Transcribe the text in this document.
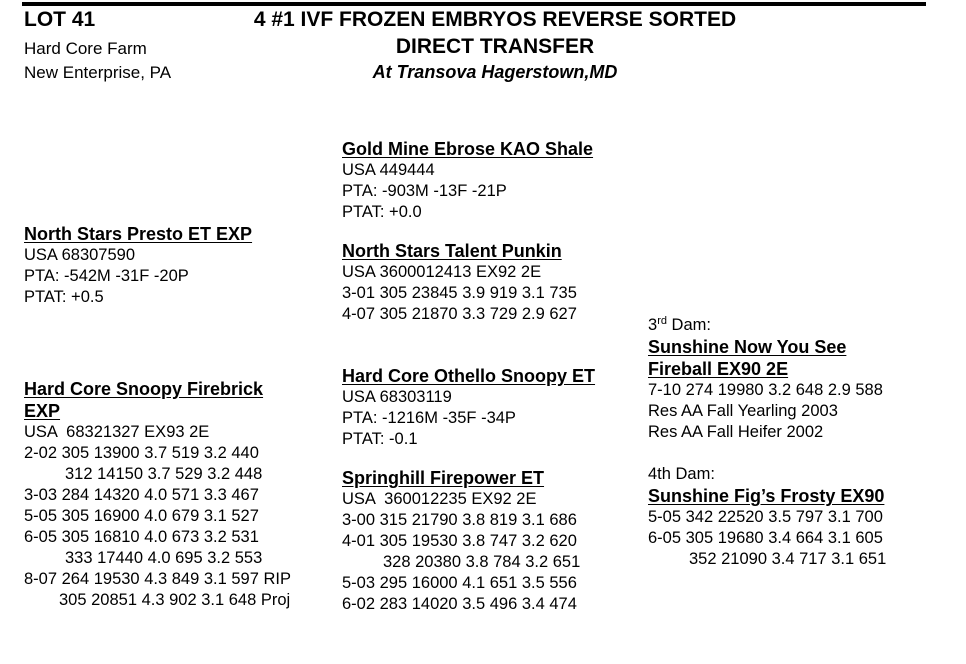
LOT 41
Hard Core Farm
New Enterprise, PA
4 #1 IVF FROZEN EMBRYOS REVERSE SORTED
DIRECT TRANSFER
At Transova Hagerstown,MD
Gold Mine Ebrose KAO Shale
USA 449444
PTA: -903M -13F -21P
PTAT: +0.0
North Stars Presto ET EXP
USA 68307590
PTA: -542M -31F -20P
PTAT: +0.5
North Stars Talent Punkin
USA 3600012413 EX92 2E
3-01 305 23845 3.9 919 3.1 735
4-07 305 21870 3.3 729 2.9 627
3rd Dam:
Sunshine Now You See
Fireball EX90 2E
7-10 274 19980 3.2 648 2.9 588
Res AA Fall Yearling 2003
Res AA Fall Heifer 2002
Hard Core Othello Snoopy ET
USA 68303119
PTA: -1216M -35F -34P
PTAT: -0.1
Hard Core Snoopy Firebrick
EXP
USA  68321327 EX93 2E
2-02 305 13900 3.7 519 3.2 440
312 14150 3.7 529 3.2 448
3-03 284 14320 4.0 571 3.3 467
5-05 305 16900 4.0 679 3.1 527
6-05 305 16810 4.0 673 3.2 531
333 17440 4.0 695 3.2 553
8-07 264 19530 4.3 849 3.1 597 RIP
305 20851 4.3 902 3.1 648 Proj
4th Dam:
Sunshine Fig’s Frosty EX90
5-05 342 22520 3.5 797 3.1 700
6-05 305 19680 3.4 664 3.1 605
352 21090 3.4 717 3.1 651
Springhill Firepower ET
USA  360012235 EX92 2E
3-00 315 21790 3.8 819 3.1 686
4-01 305 19530 3.8 747 3.2 620
328 20380 3.8 784 3.2 651
5-03 295 16000 4.1 651 3.5 556
6-02 283 14020 3.5 496 3.4 474
